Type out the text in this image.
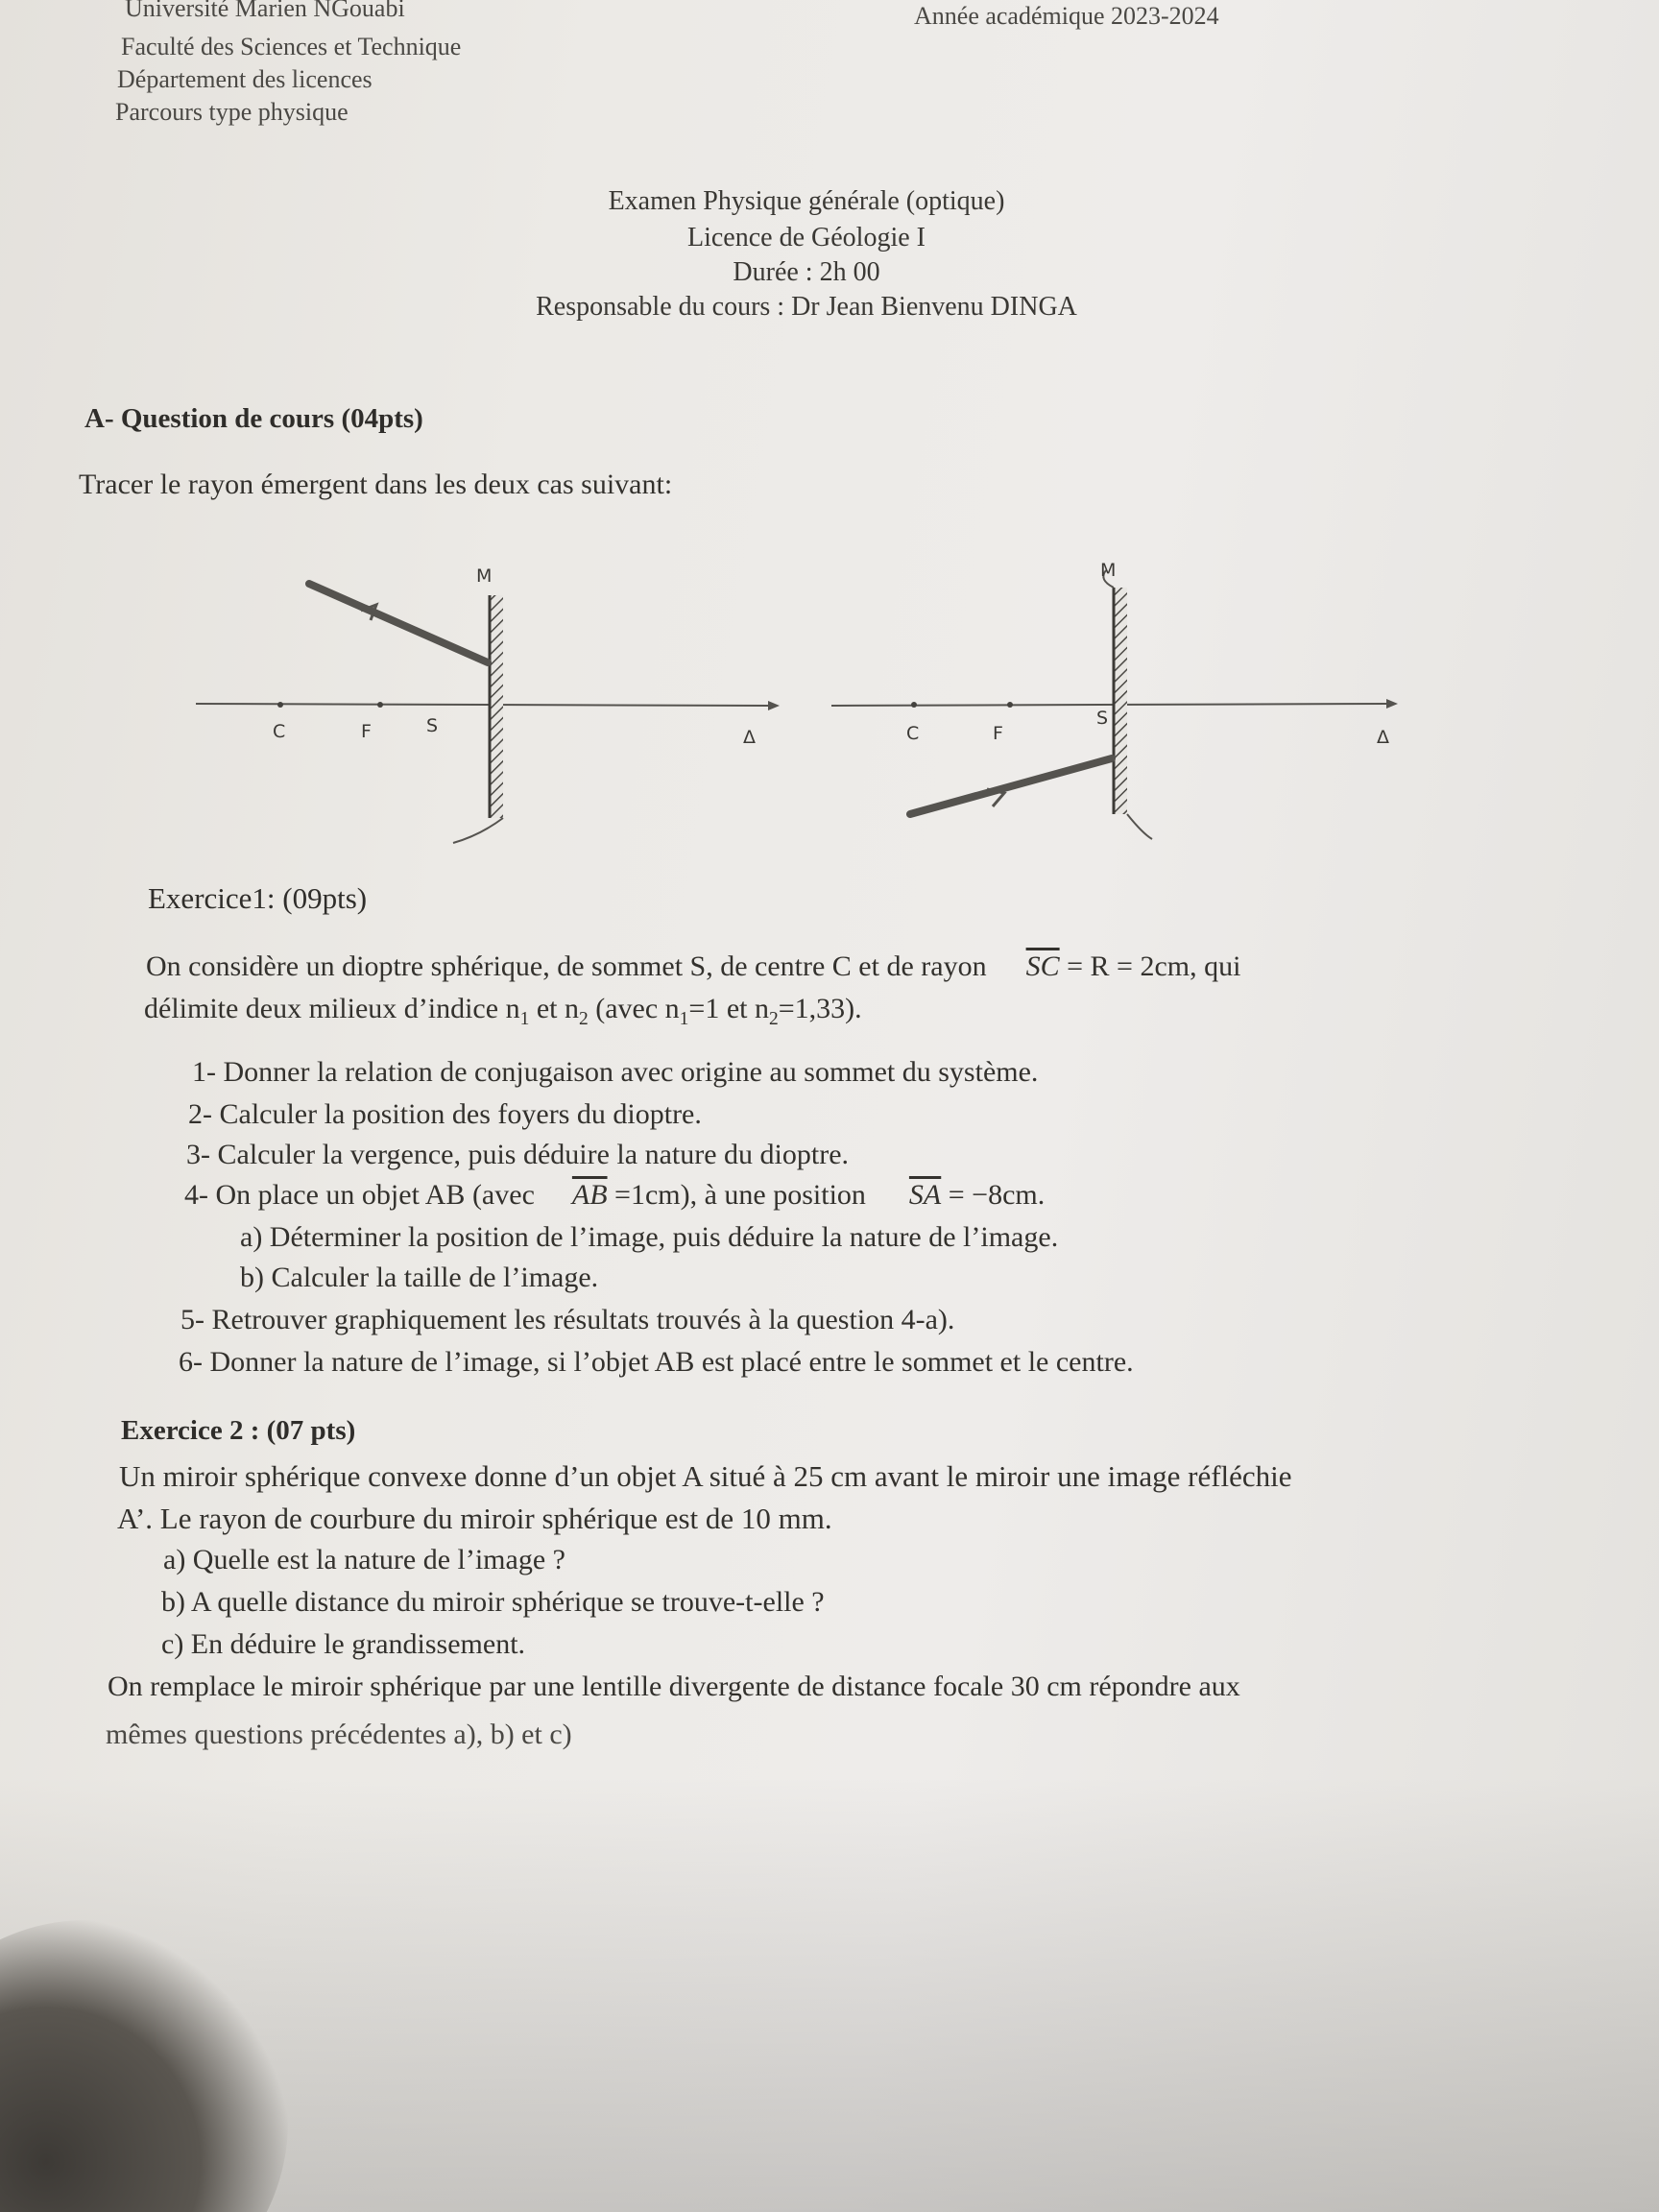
Université Marien NGouabi
Faculté des Sciences et Technique
Département des licences
Parcours type physique
Année académique 2023-2024
Examen Physique générale (optique)
Licence de Géologie I
Durée : 2h 00
Responsable du cours : Dr Jean Bienvenu DINGA
A- Question de cours (04pts)
Tracer le rayon émergent dans les deux cas suivant:
M
C	F	S
Δ
M
C	F
S
Δ
Exercice1: (09pts)
On considère un dioptre sphérique, de sommet S, de centre C et de rayon $\overline{SC} = R = 2cm$, qui
délimite deux milieux d’indice $n_1$ et $n_2$ (avec $n_1=1$ et $n_2=1,33$).
1- Donner la relation de conjugaison avec origine au sommet du système.
2- Calculer la position des foyers du dioptre.
3- Calculer la vergence, puis déduire la nature du dioptre.
4- On place un objet AB (avec $\overline{AB} =1cm$), à une position $\overline{SA} = -8cm$.
a) Déterminer la position de l’image, puis déduire la nature de l’image.
b) Calculer la taille de l’image.
5- Retrouver graphiquement les résultats trouvés à la question 4-a).
6- Donner la nature de l’image, si l’objet AB est placé entre le sommet et le centre.
Exercice 2 : (07 pts)
Un miroir sphérique convexe donne d’un objet A situé à 25 cm avant le miroir une image réfléchie
A’. Le rayon de courbure du miroir sphérique est de 10 mm.
a) Quelle est la nature de l’image ?
b) A quelle distance du miroir sphérique se trouve-t-elle ?
c) En déduire le grandissement.
On remplace le miroir sphérique par une lentille divergente de distance focale 30 cm répondre aux
mêmes questions précédentes a), b) et c)
